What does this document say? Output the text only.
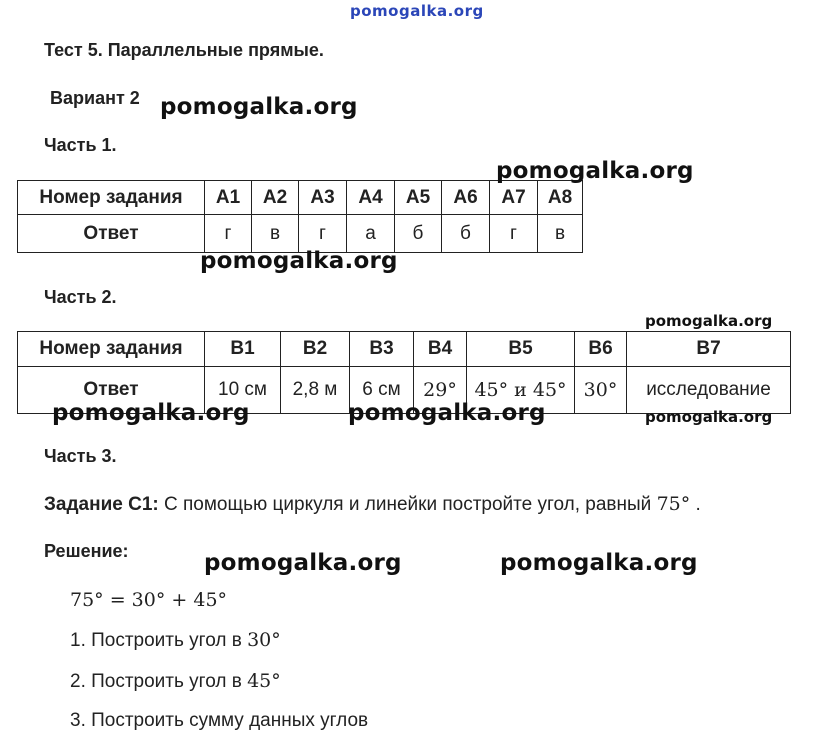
pomogalka.org
Тест 5. Параллельные прямые.
Вариант 2
Часть 1.
Номер задания	А1	А2	А3	А4	А5	А6	А7	А8
Ответ	г	в	г	а	б	б	г	в
Часть 2.
Номер задания	В1	В2	В3	В4	В5	В6	В7
Ответ	10 см	2,8 м	6 см	29°	45° и 45°	30°	исследование
Часть 3.
Задание С1: С помощью циркуля и линейки постройте угол, равный 75° .
Решение:
75° = 30° + 45°
1. Построить угол в 30°
2. Построить угол в 45°
3. Построить сумму данных углов
pomogalka.org
pomogalka.org
pomogalka.org
pomogalka.org
pomogalka.org	pomogalka.org	pomogalka.org
pomogalka.org	pomogalka.org
